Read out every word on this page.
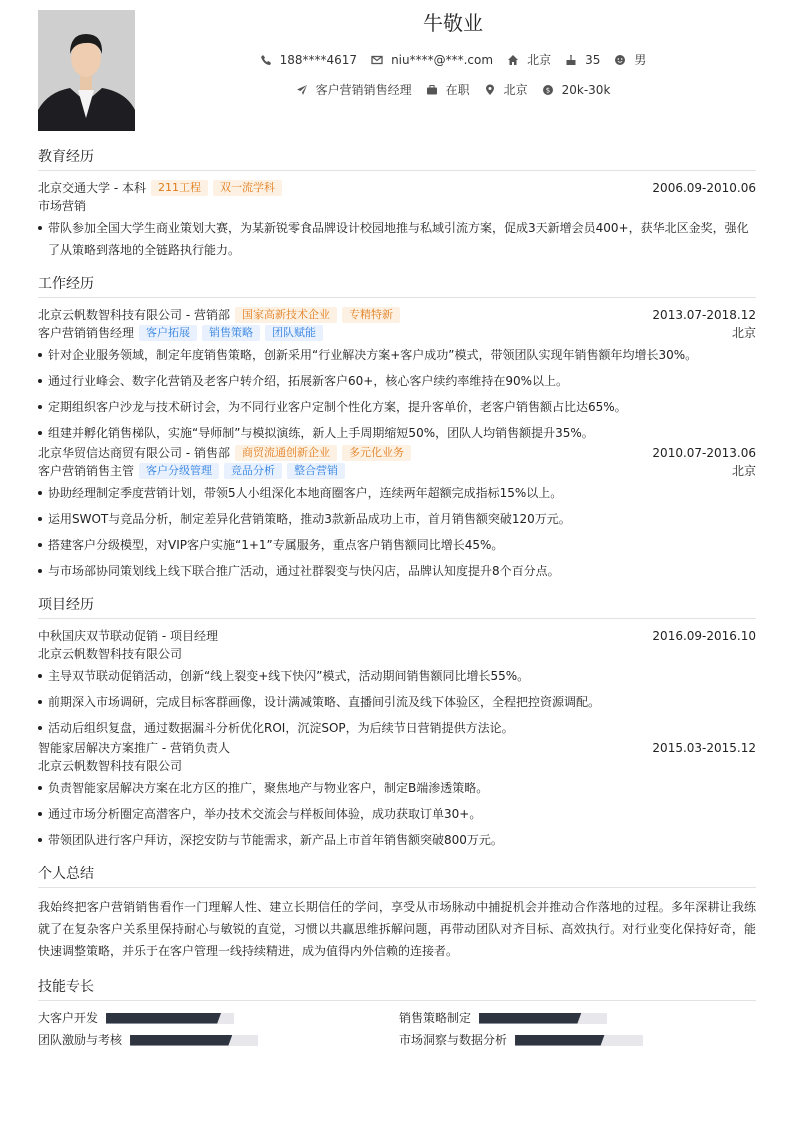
牛敬业
188****4617	niu****@***.com	北京	35	男
客户营销销售经理	在职	北京	$ 20k-30k
教育经历
北京交通大学 - 本科	211工程	双一流学科	2006.09-2010.06
市场营销
带队参加全国大学生商业策划大赛，为某新锐零食品牌设计校园地推与私域引流方案，促成3天新增会员400+，获华北区金奖，强化了从策略到落地的全链路执行能力。
工作经历
北京云帆数智科技有限公司 - 营销部	国家高新技术企业	专精特新	2013.07-2018.12
客户营销销售经理	客户拓展	销售策略	团队赋能	北京
针对企业服务领域，制定年度销售策略，创新采用“行业解决方案+客户成功”模式，带领团队实现年销售额年均增长30%。
通过行业峰会、数字化营销及老客户转介绍，拓展新客户60+，核心客户续约率维持在90%以上。
定期组织客户沙龙与技术研讨会，为不同行业客户定制个性化方案，提升客单价，老客户销售额占比达65%。
组建并孵化销售梯队，实施“导师制”与模拟演练，新人上手周期缩短50%，团队人均销售额提升35%。
北京华贸信达商贸有限公司 - 销售部	商贸流通创新企业	多元化业务	2010.07-2013.06
客户营销销售主管	客户分级管理	竞品分析	整合营销	北京
协助经理制定季度营销计划，带领5人小组深化本地商圈客户，连续两年超额完成指标15%以上。
运用SWOT与竞品分析，制定差异化营销策略，推动3款新品成功上市，首月销售额突破120万元。
搭建客户分级模型，对VIP客户实施“1+1”专属服务，重点客户销售额同比增长45%。
与市场部协同策划线上线下联合推广活动，通过社群裂变与快闪店，品牌认知度提升8个百分点。
项目经历
中秋国庆双节联动促销 - 项目经理	2016.09-2016.10
北京云帆数智科技有限公司
主导双节联动促销活动，创新“线上裂变+线下快闪”模式，活动期间销售额同比增长55%。
前期深入市场调研，完成目标客群画像，设计满减策略、直播间引流及线下体验区，全程把控资源调配。
活动后组织复盘，通过数据漏斗分析优化ROI，沉淀SOP，为后续节日营销提供方法论。
智能家居解决方案推广 - 营销负责人	2015.03-2015.12
北京云帆数智科技有限公司
负责智能家居解决方案在北方区的推广，聚焦地产与物业客户，制定B端渗透策略。
通过市场分析圈定高潜客户，举办技术交流会与样板间体验，成功获取订单30+。
带领团队进行客户拜访，深挖安防与节能需求，新产品上市首年销售额突破800万元。
个人总结
我始终把客户营销销售看作一门理解人性、建立长期信任的学问，享受从市场脉动中捕捉机会并推动合作落地的过程。多年深耕让我练就了在复杂客户关系里保持耐心与敏锐的直觉，习惯以共赢思维拆解问题，再带动团队对齐目标、高效执行。对行业变化保持好奇，能快速调整策略，并乐于在客户管理一线持续精进，成为值得内外信赖的连接者。
技能专长
大客户开发	销售策略制定
团队激励与考核	市场洞察与数据分析
